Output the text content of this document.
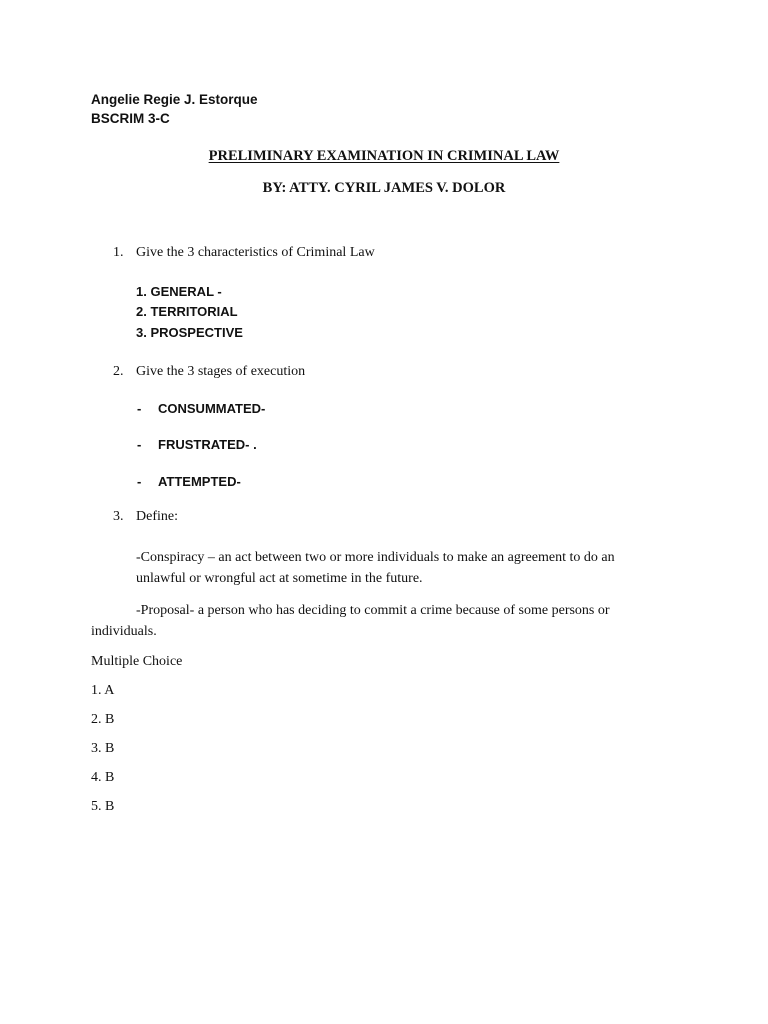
Angelie Regie J. Estorque
BSCRIM 3-C
PRELIMINARY EXAMINATION IN CRIMINAL LAW
BY: ATTY. CYRIL JAMES V. DOLOR
1. Give the 3 characteristics of Criminal Law
1. GENERAL -
2. TERRITORIAL
3. PROSPECTIVE
2. Give the 3 stages of execution
- CONSUMMATED-
- FRUSTRATED- .
- ATTEMPTED-
3. Define:
-Conspiracy – an act between two or more individuals to make an agreement to do an unlawful or wrongful act at sometime in the future.
-Proposal- a person who has deciding to commit a crime because of some persons or individuals.
Multiple Choice
1. A
2. B
3. B
4. B
5. B
